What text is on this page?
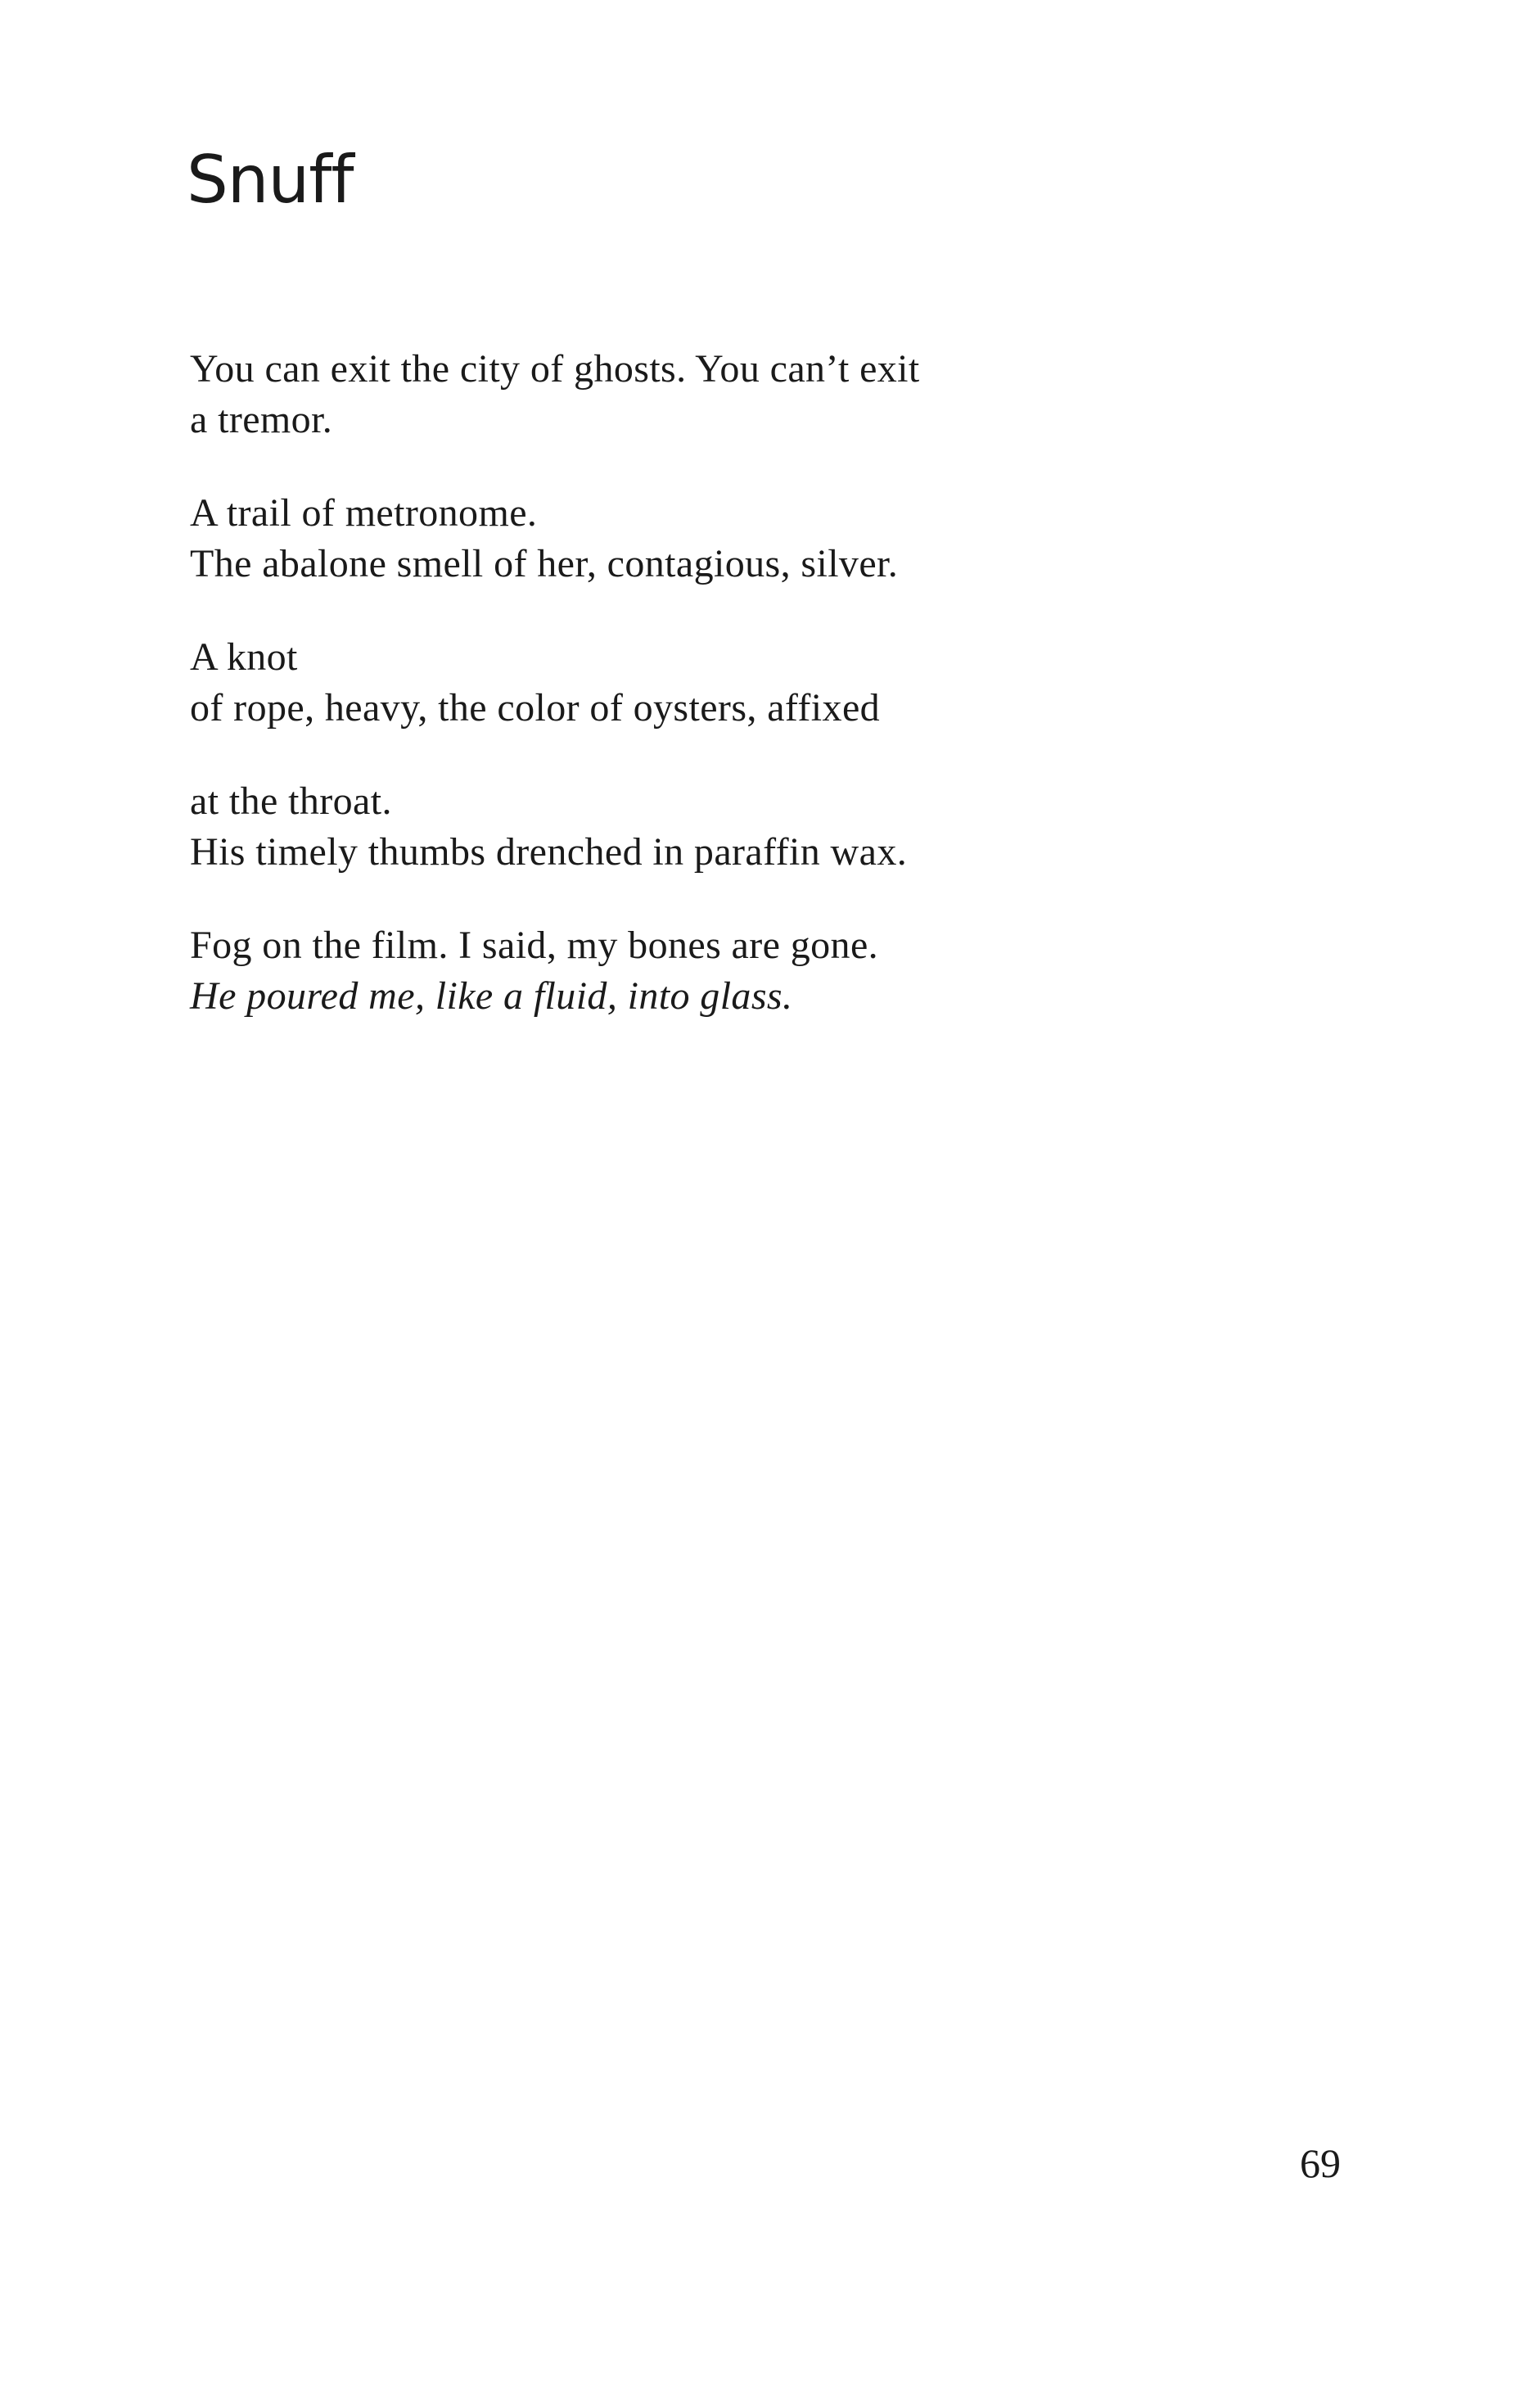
Snuff

You can exit the city of ghosts. You can’t exit
a tremor.

A trail of metronome.
The abalone smell of her, contagious, silver.

A knot
of rope, heavy, the color of oysters, affixed

at the throat.
His timely thumbs drenched in paraffin wax.

Fog on the film. I said, my bones are gone.
He poured me, like a fluid, into glass.

69
